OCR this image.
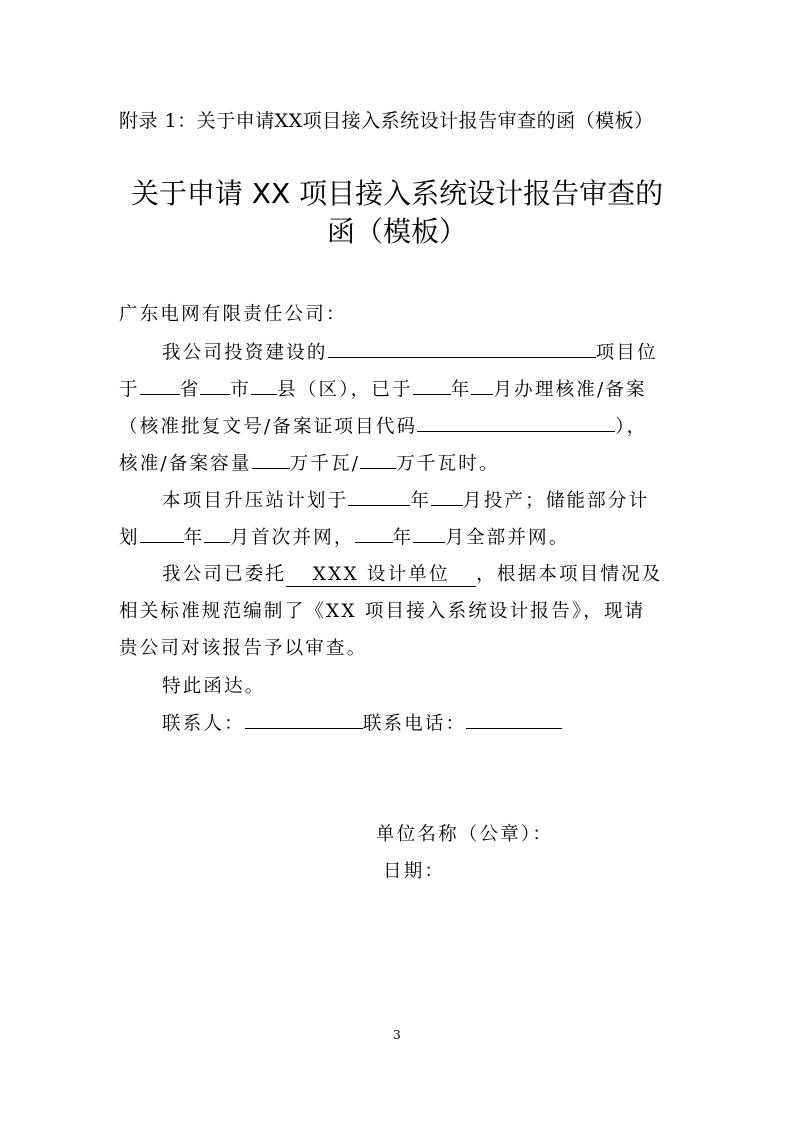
附录 1：关于申请XX项目接入系统设计报告审查的函（模板）
关于申请 XX 项目接入系统设计报告审查的
函（模板）
广东电网有限责任公司：
我公司投资建设的	项目位
于 省 市 县（区），已于 年 月办理核准/备案
（核准批复文号/备案证项目代码	），
核准/备案容量 万千瓦/ 万千瓦时。
本项目升压站计划于	年 月投产；储能部分计
划 年 月首次并网， 年 月全部并网。
我公司已委托 XXX 设计单位 ，根据本项目情况及
相关标准规范编制了《XX 项目接入系统设计报告》，现请
贵公司对该报告予以审查。
特此函达。
联系人：	联系电话：
单位名称（公章）：
日期：
3
